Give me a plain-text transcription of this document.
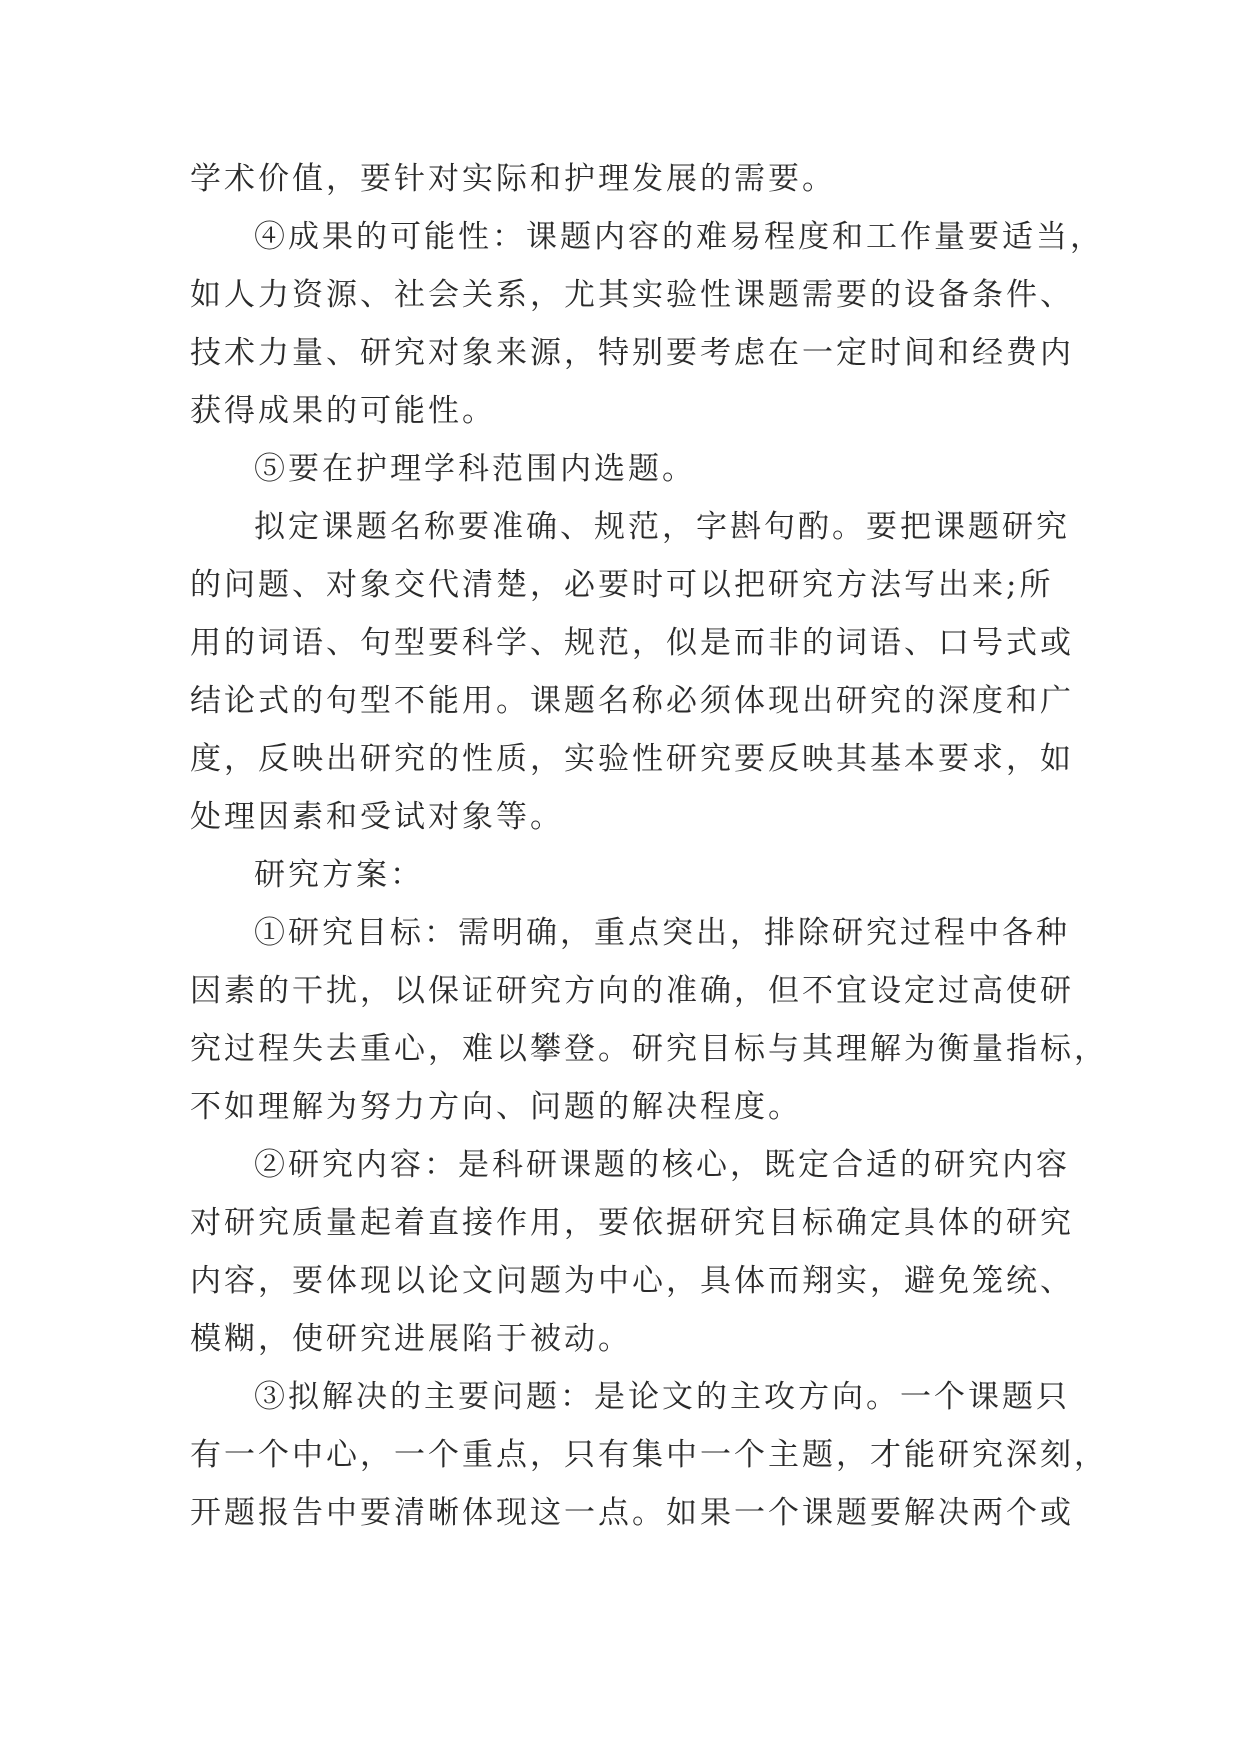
学术价值，要针对实际和护理发展的需要。
④成果的可能性：课题内容的难易程度和工作量要适当，
如人力资源、社会关系，尤其实验性课题需要的设备条件、
技术力量、研究对象来源，特别要考虑在一定时间和经费内
获得成果的可能性。
⑤要在护理学科范围内选题。
拟定课题名称要准确、规范，字斟句酌。要把课题研究
的问题、对象交代清楚，必要时可以把研究方法写出来;所
用的词语、句型要科学、规范，似是而非的词语、口号式或
结论式的句型不能用。课题名称必须体现出研究的深度和广
度，反映出研究的性质，实验性研究要反映其基本要求，如
处理因素和受试对象等。
研究方案：
①研究目标：需明确，重点突出，排除研究过程中各种
因素的干扰，以保证研究方向的准确，但不宜设定过高使研
究过程失去重心，难以攀登。研究目标与其理解为衡量指标，
不如理解为努力方向、问题的解决程度。
②研究内容：是科研课题的核心，既定合适的研究内容
对研究质量起着直接作用，要依据研究目标确定具体的研究
内容，要体现以论文问题为中心，具体而翔实，避免笼统、
模糊，使研究进展陷于被动。
③拟解决的主要问题：是论文的主攻方向。一个课题只
有一个中心，一个重点，只有集中一个主题，才能研究深刻，
开题报告中要清晰体现这一点。如果一个课题要解决两个或
